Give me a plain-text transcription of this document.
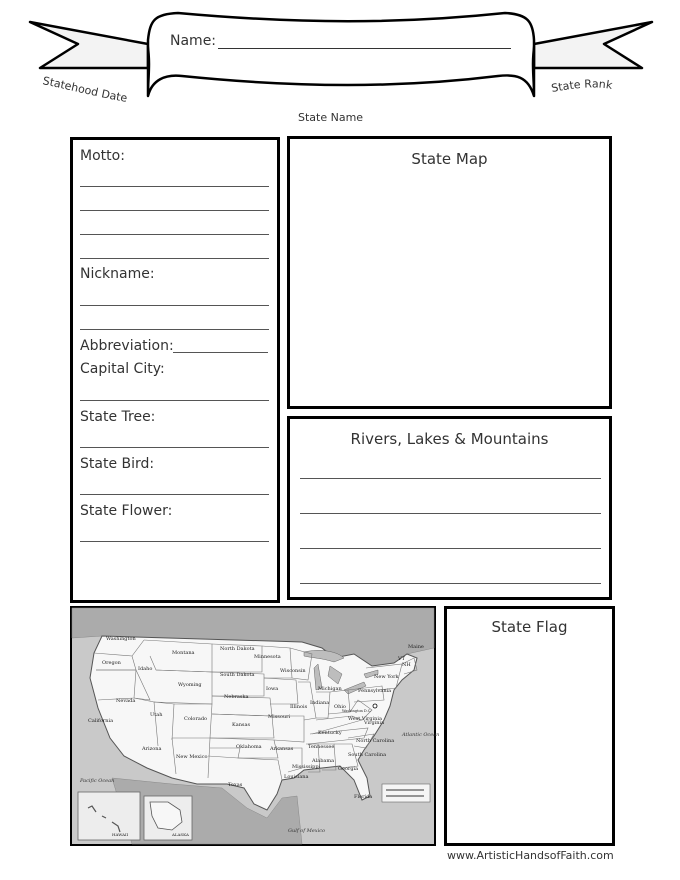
Statehood Date
State Rank
Name:
State Name
Motto:
Nickname:
Abbreviation:
Capital City:
State Tree:
State Bird:
State Flower:
State Map
Rivers, Lakes & Mountains
Washington
Oregon
Idaho
Montana
Wyoming
California
Nevada
Utah
Colorado
Arizona
New Mexico
North Dakota
South Dakota
Nebraska
Kansas
Oklahoma
Texas
Minnesota
Iowa
Missouri
Arkansas
Louisiana
Wisconsin
Illinois
Michigan
Indiana
Ohio
Kentucky
Tennessee
Mississippi
Alabama
Georgia
Florida
South Carolina
North Carolina
Virginia
West Virginia
Pennsylvania
New York
Maine
VT
NH
Washington D.C.
Pacific Ocean
Atlantic Ocean
Gulf of Mexico
HAWAII	ALASKA
State Flag
www.ArtisticHandsofFaith.com
